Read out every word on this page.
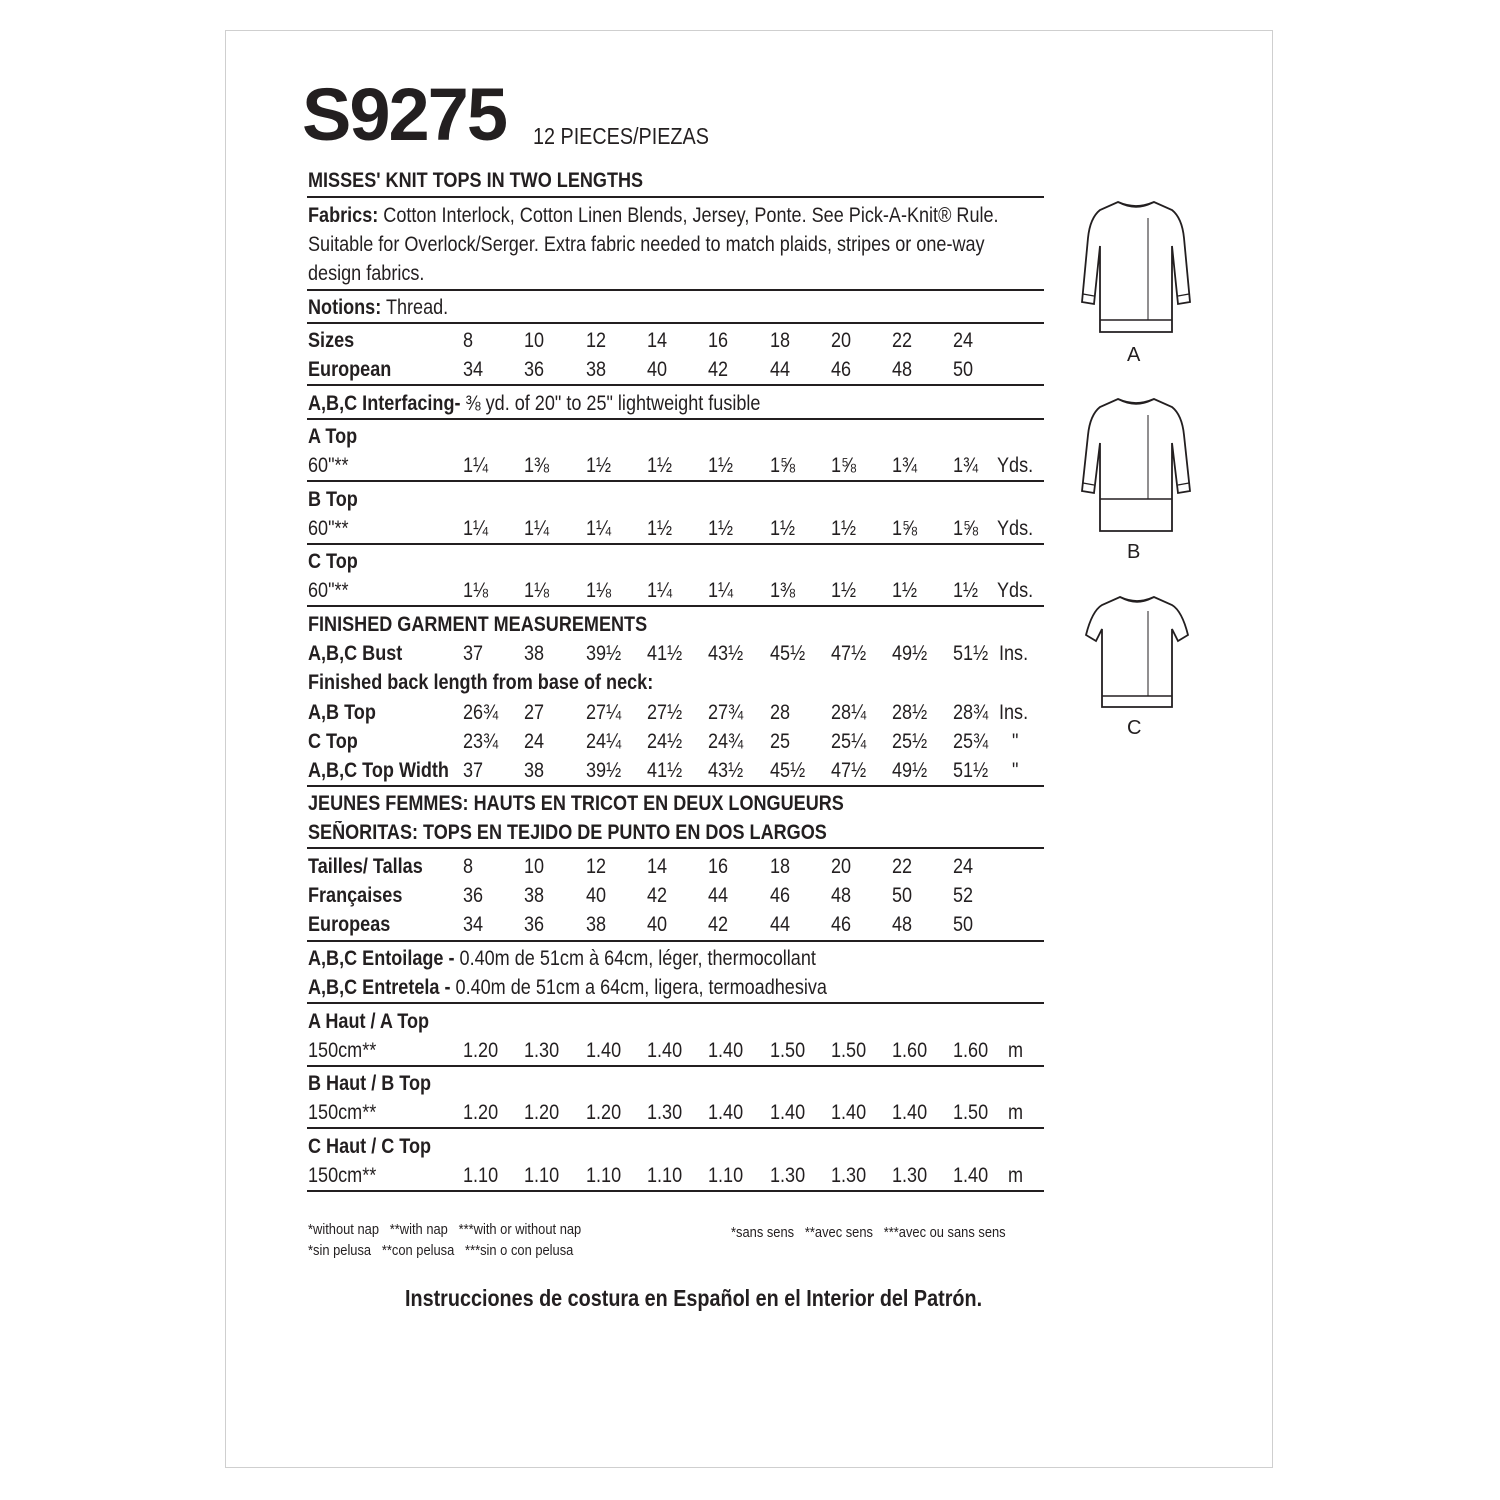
S9275 12 PIECES/PIEZAS
MISSES' KNIT TOPS IN TWO LENGTHS
Fabrics: Cotton Interlock, Cotton Linen Blends, Jersey, Ponte. See Pick-A-Knit® Rule.
Suitable for Overlock/Serger. Extra fabric needed to match plaids, stripes or one-way
design fabrics.
Notions: Thread.
Sizes	8 10 12 14 16 18 20 22 24
European	34 36 38 40 42 44 46 48 50
A,B,C Interfacing- ⅜ yd. of 20" to 25" lightweight fusible
A Top
60"**	1¼ 1⅜ 1½ 1½ 1½ 1⅝ 1⅝ 1¾ 1¾ Yds.
B Top
60"**	1¼ 1¼ 1¼ 1½ 1½ 1½ 1½ 1⅝ 1⅝ Yds.
C Top
60"**	1⅛ 1⅛ 1⅛ 1¼ 1¼ 1⅜ 1½ 1½ 1½ Yds.
FINISHED GARMENT MEASUREMENTS
A,B,C Bust	37 38 39½ 41½ 43½ 45½ 47½ 49½ 51½ Ins.
Finished back length from base of neck:
A,B Top	26¾ 27 27¼ 27½ 27¾ 28 28¼ 28½ 28¾ Ins.
C Top	23¾ 24 24¼ 24½ 24¾ 25 25¼ 25½ 25¾ "
A,B,C Top Width 37 38 39½ 41½ 43½ 45½ 47½ 49½ 51½ "
JEUNES FEMMES: HAUTS EN TRICOT EN DEUX LONGUEURS
SEÑORITAS: TOPS EN TEJIDO DE PUNTO EN DOS LARGOS
Tailles/ Tallas 8 10 12 14 16 18 20 22 24
Françaises	36 38 40 42 44 46 48 50 52
Europeas	34 36 38 40 42 44 46 48 50
A,B,C Entoilage - 0.40m de 51cm à 64cm, léger, thermocollant
A,B,C Entretela - 0.40m de 51cm a 64cm, ligera, termoadhesiva
A Haut / A Top
150cm**	1.20 1.30 1.40 1.40 1.40 1.50 1.50 1.60 1.60 m
B Haut / B Top
150cm**	1.20 1.20 1.20 1.30 1.40 1.40 1.40 1.40 1.50 m
C Haut / C Top
150cm**	1.10 1.10 1.10 1.10 1.10 1.30 1.30 1.30 1.40 m
*without nap   **with nap   ***with or without nap
*sin pelusa   **con pelusa   ***sin o con pelusa
*sans sens   **avec sens   ***avec ou sans sens
Instrucciones de costura en Español en el Interior del Patrón.
A
B
C
